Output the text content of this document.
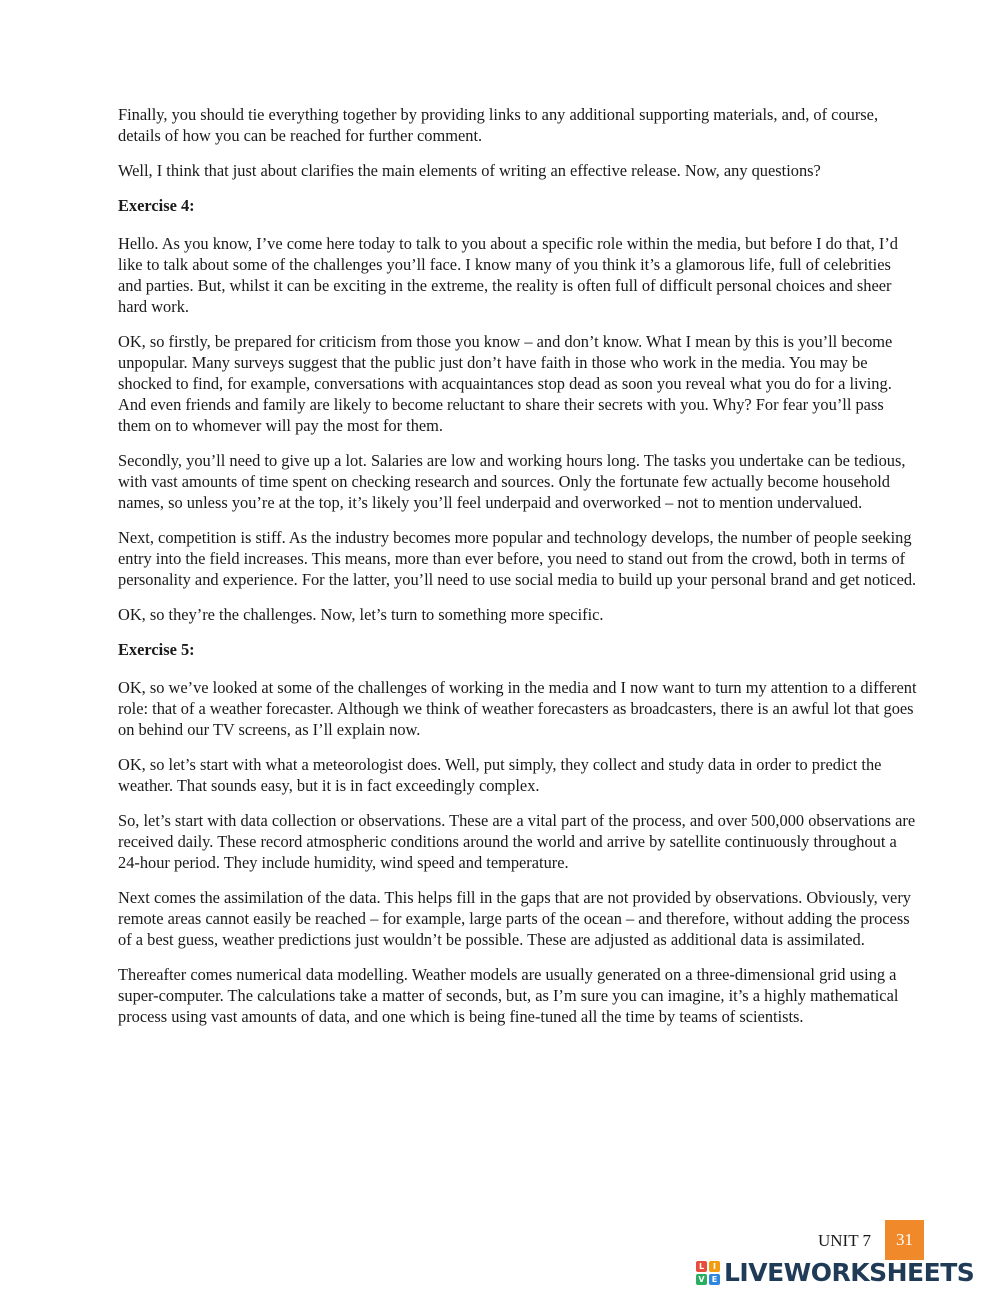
Finally, you should tie everything together by providing links to any additional supporting materials, and, of course, details of how you can be reached for further comment.

Well, I think that just about clarifies the main elements of writing an effective release. Now, any questions?

Exercise 4:

Hello. As you know, I’ve come here today to talk to you about a specific role within the media, but before I do that, I’d like to talk about some of the challenges you’ll face. I know many of you think it’s a glamorous life, full of celebrities and parties. But, whilst it can be exciting in the extreme, the reality is often full of difficult personal choices and sheer hard work.

OK, so firstly, be prepared for criticism from those you know – and don’t know. What I mean by this is you’ll become unpopular. Many surveys suggest that the public just don’t have faith in those who work in the media. You may be shocked to find, for example, conversations with acquaintances stop dead as soon you reveal what you do for a living. And even friends and family are likely to become reluctant to share their secrets with you. Why? For fear you’ll pass them on to whomever will pay the most for them.

Secondly, you’ll need to give up a lot. Salaries are low and working hours long. The tasks you undertake can be tedious, with vast amounts of time spent on checking research and sources. Only the fortunate few actually become household names, so unless you’re at the top, it’s likely you’ll feel underpaid and overworked – not to mention undervalued.

Next, competition is stiff. As the industry becomes more popular and technology develops, the number of people seeking entry into the field increases. This means, more than ever before, you need to stand out from the crowd, both in terms of personality and experience. For the latter, you’ll need to use social media to build up your personal brand and get noticed.

OK, so they’re the challenges. Now, let’s turn to something more specific.

Exercise 5:

OK, so we’ve looked at some of the challenges of working in the media and I now want to turn my attention to a different role: that of a weather forecaster. Although we think of weather forecasters as broadcasters, there is an awful lot that goes on behind our TV screens, as I’ll explain now.

OK, so let’s start with what a meteorologist does. Well, put simply, they collect and study data in order to predict the weather. That sounds easy, but it is in fact exceedingly complex.

So, let’s start with data collection or observations. These are a vital part of the process, and over 500,000 observations are received daily. These record atmospheric conditions around the world and arrive by satellite continuously throughout a 24-hour period. They include humidity, wind speed and temperature.

Next comes the assimilation of the data. This helps fill in the gaps that are not provided by observations. Obviously, very remote areas cannot easily be reached – for example, large parts of the ocean – and therefore, without adding the process of a best guess, weather predictions just wouldn’t be possible. These are adjusted as additional data is assimilated.

Thereafter comes numerical data modelling. Weather models are usually generated on a three-dimensional grid using a super-computer. The calculations take a matter of seconds, but, as I’m sure you can imagine, it’s a highly mathematical process using vast amounts of data, and one which is being fine-tuned all the time by teams of scientists.

UNIT 7	31
L	I
V E LIVEWORKSHEETS
